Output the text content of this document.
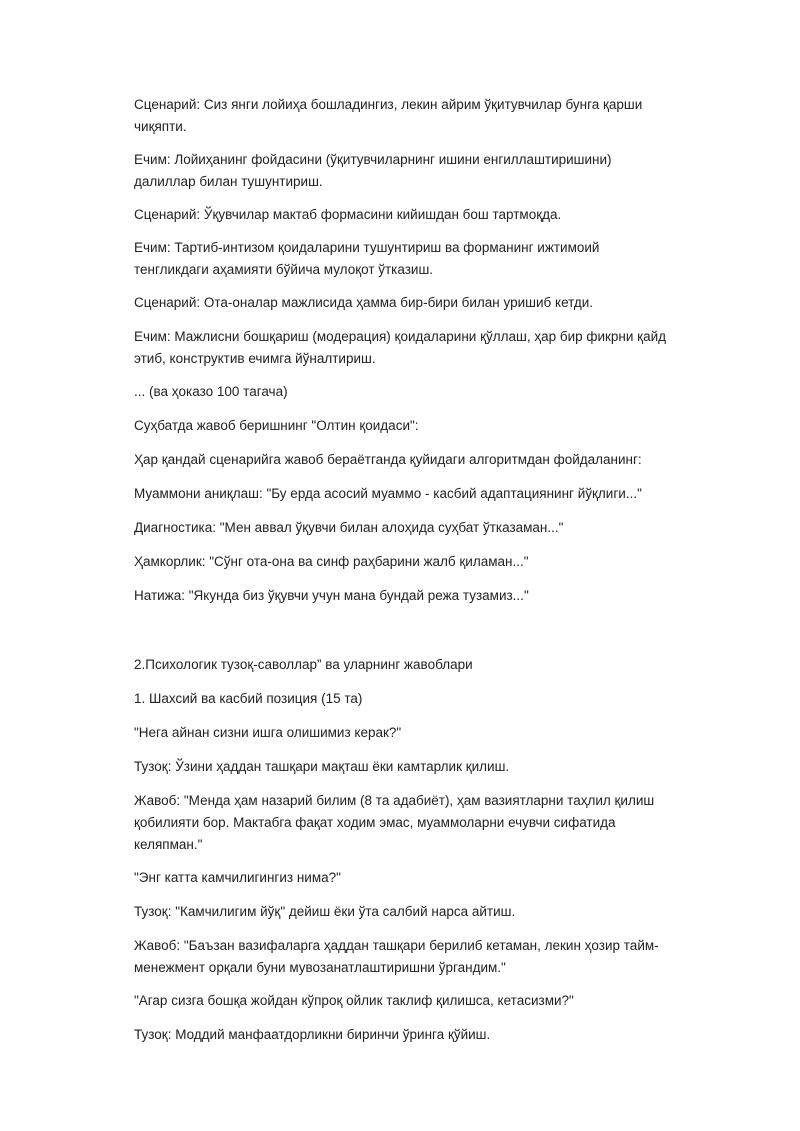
Сценарий: Сиз янги лойиҳа бошладингиз, лекин айрим ўқитувчилар бунга қарши чиқяпти.

Ечим: Лойиҳанинг фойдасини (ўқитувчиларнинг ишини енгиллаштиришини) далиллар билан тушунтириш.

Сценарий: Ўқувчилар мактаб формасини кийишдан бош тартмоқда.

Ечим: Тартиб-интизом қоидаларини тушунтириш ва форманинг ижтимоий тенгликдаги аҳамияти бўйича мулоқот ўтказиш.

Сценарий: Ота-оналар мажлисида ҳамма бир-бири билан уришиб кетди.

Ечим: Мажлисни бошқариш (модерация) қоидаларини қўллаш, ҳар бир фикрни қайд этиб, конструктив ечимга йўналтириш.

... (ва ҳоказо 100 тагача)

Суҳбатда жавоб беришнинг "Олтин қоидаси":

Ҳар қандай сценарийга жавоб бераётганда қуйидаги алгоритмдан фойдаланинг:

Муаммони аниқлаш: "Бу ерда асосий муаммо - касбий адаптациянинг йўқлиги..."

Диагностика: "Мен аввал ўқувчи билан алоҳида суҳбат ўтказаман..."

Ҳамкорлик: "Сўнг ота-она ва синф раҳбарини жалб қиламан..."

Натижа: "Якунда биз ўқувчи учун мана бундай режа тузамиз..."

2.Психологик тузоқ-саволлар” ва уларнинг жавоблари

1. Шахсий ва касбий позиция (15 та)

"Нега айнан сизни ишга олишимиз керак?"

Тузоқ: Ўзини ҳаддан ташқари мақташ ёки камтарлик қилиш.

Жавоб: "Менда ҳам назарий билим (8 та адабиёт), ҳам вазиятларни таҳлил қилиш қобилияти бор. Мактабга фақат ходим эмас, муаммоларни ечувчи сифатида келяпман."

"Энг катта камчилигингиз нима?"

Тузоқ: "Камчилигим йўқ" дейиш ёки ўта салбий нарса айтиш.

Жавоб: "Баъзан вазифаларга ҳаддан ташқари берилиб кетаман, лекин ҳозир тайм-менежмент орқали буни мувозанатлаштиришни ўргандим."

"Агар сизга бошқа жойдан кўпроқ ойлик таклиф қилишса, кетасизми?"

Тузоқ: Моддий манфаатдорликни биринчи ўринга қўйиш.
